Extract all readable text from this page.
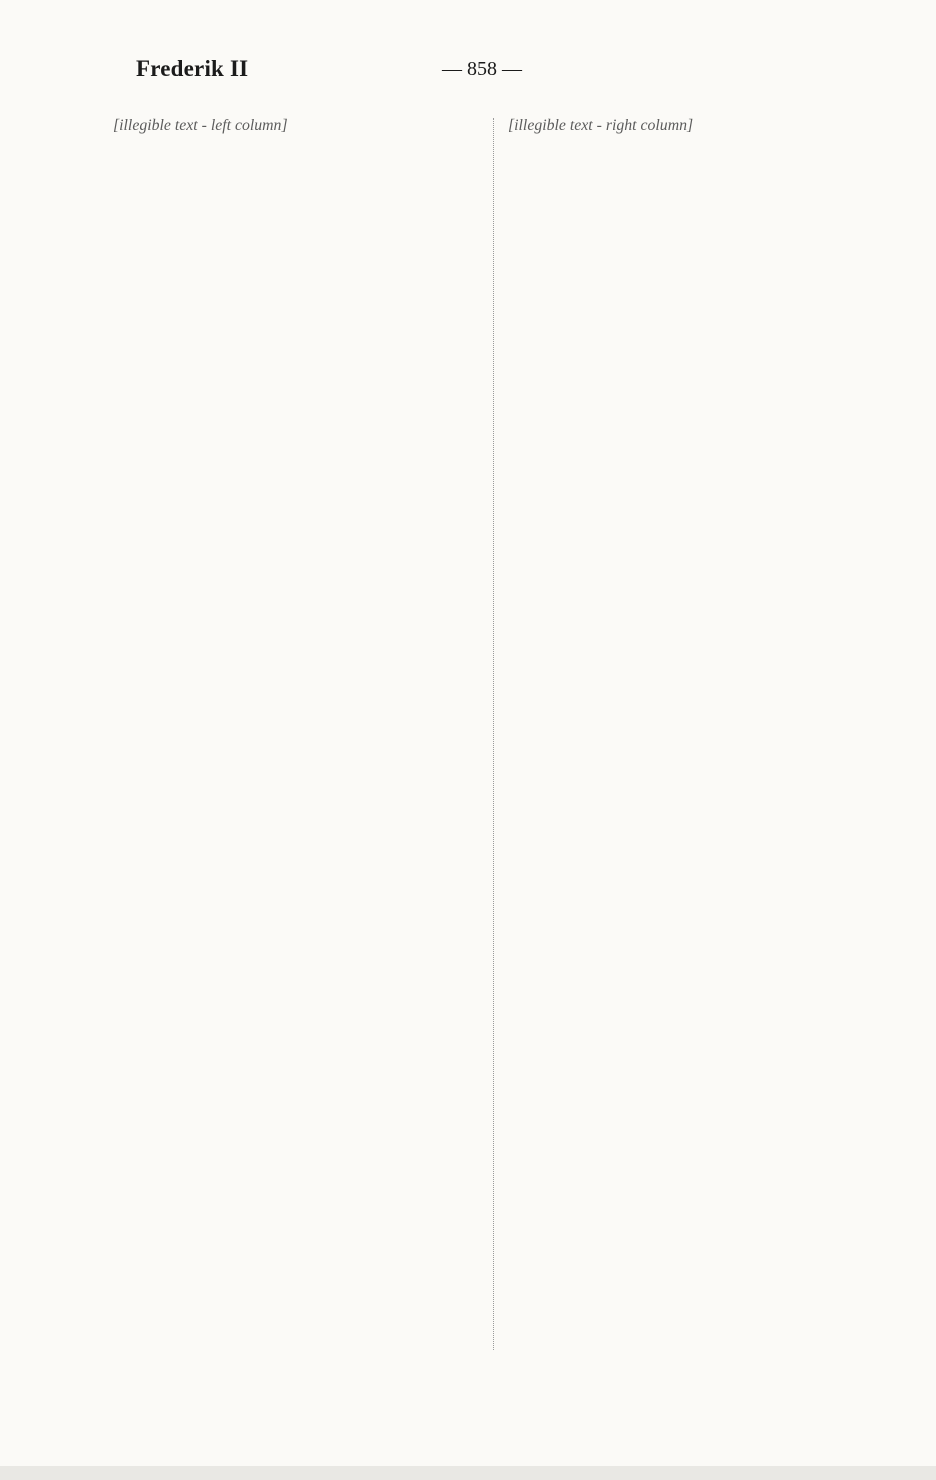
Frederik II	— 858 —
[illegible text - left column]	[illegible text - right column]
